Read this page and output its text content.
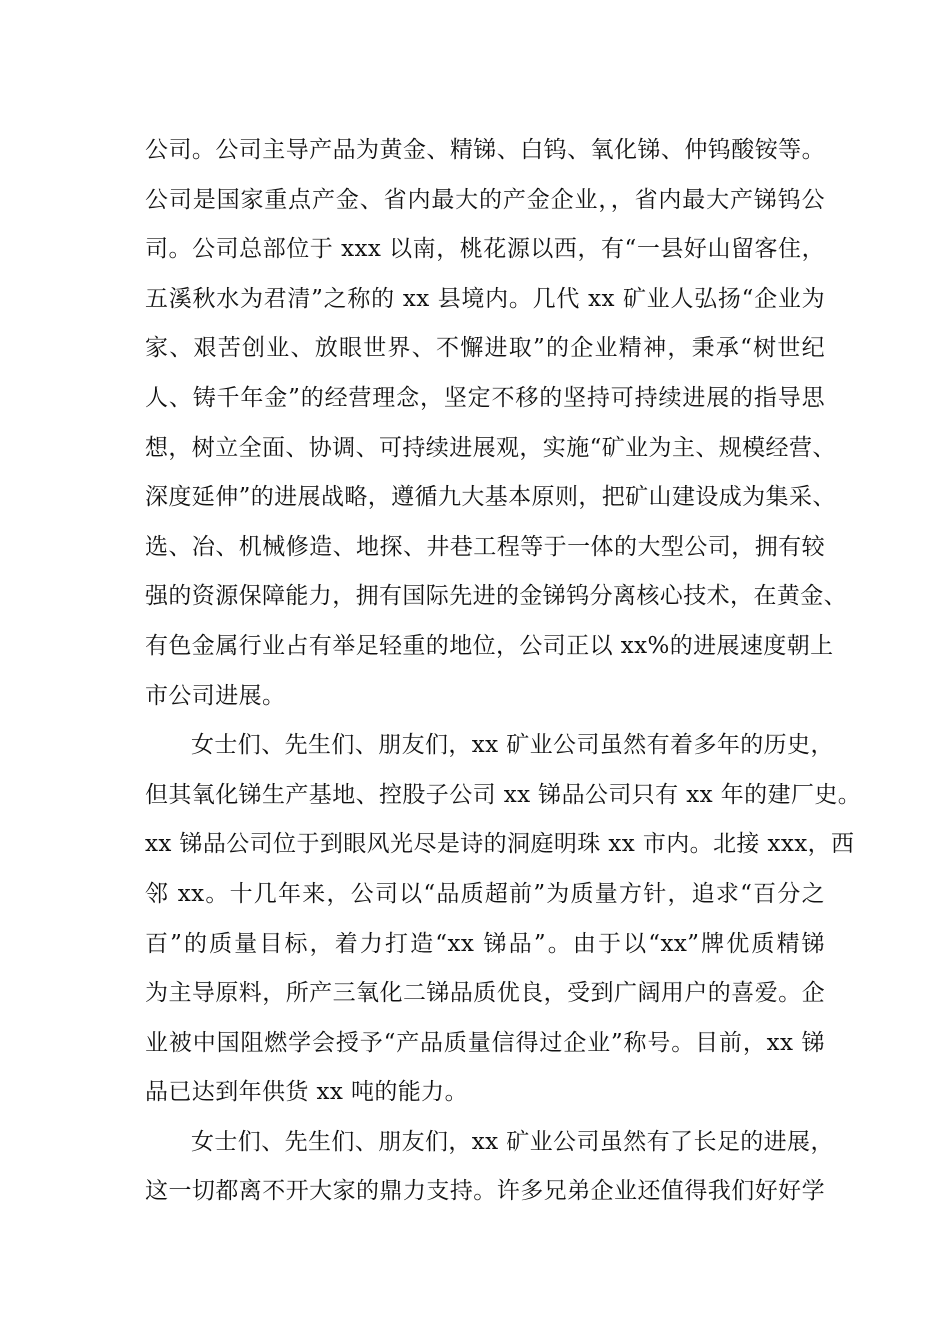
公司。公司主导产品为黄金、精锑、白钨、氧化锑、仲钨酸铵等。
公司是国家重点产金、省内最大的产金企业，，省内最大产锑钨公
司。公司总部位于 xxx 以南，桃花源以西，有“一县好山留客住，
五溪秋水为君清”之称的 xx 县境内。几代 xx 矿业人弘扬“企业为
家、艰苦创业、放眼世界、不懈进取”的企业精神，秉承“树世纪
人、铸千年金”的经营理念，坚定不移的坚持可持续进展的指导思
想，树立全面、协调、可持续进展观，实施“矿业为主、规模经营、
深度延伸”的进展战略，遵循九大基本原则，把矿山建设成为集采、
选、冶、机械修造、地探、井巷工程等于一体的大型公司，拥有较
强的资源保障能力，拥有国际先进的金锑钨分离核心技术，在黄金、
有色金属行业占有举足轻重的地位，公司正以 xx%的进展速度朝上
市公司进展。

女士们、先生们、朋友们，xx 矿业公司虽然有着多年的历史，
但其氧化锑生产基地、控股子公司 xx 锑品公司只有 xx 年的建厂史。
xx 锑品公司位于到眼风光尽是诗的洞庭明珠 xx 市内。北接 xxx，西
邻 xx。十几年来，公司以“品质超前”为质量方针，追求“百分之
百”的质量目标，着力打造“xx 锑品”。由于以“xx”牌优质精锑
为主导原料，所产三氧化二锑品质优良，受到广阔用户的喜爱。企
业被中国阻燃学会授予“产品质量信得过企业”称号。目前，xx 锑
品已达到年供货 xx 吨的能力。

女士们、先生们、朋友们，xx 矿业公司虽然有了长足的进展，
这一切都离不开大家的鼎力支持。许多兄弟企业还值得我们好好学
